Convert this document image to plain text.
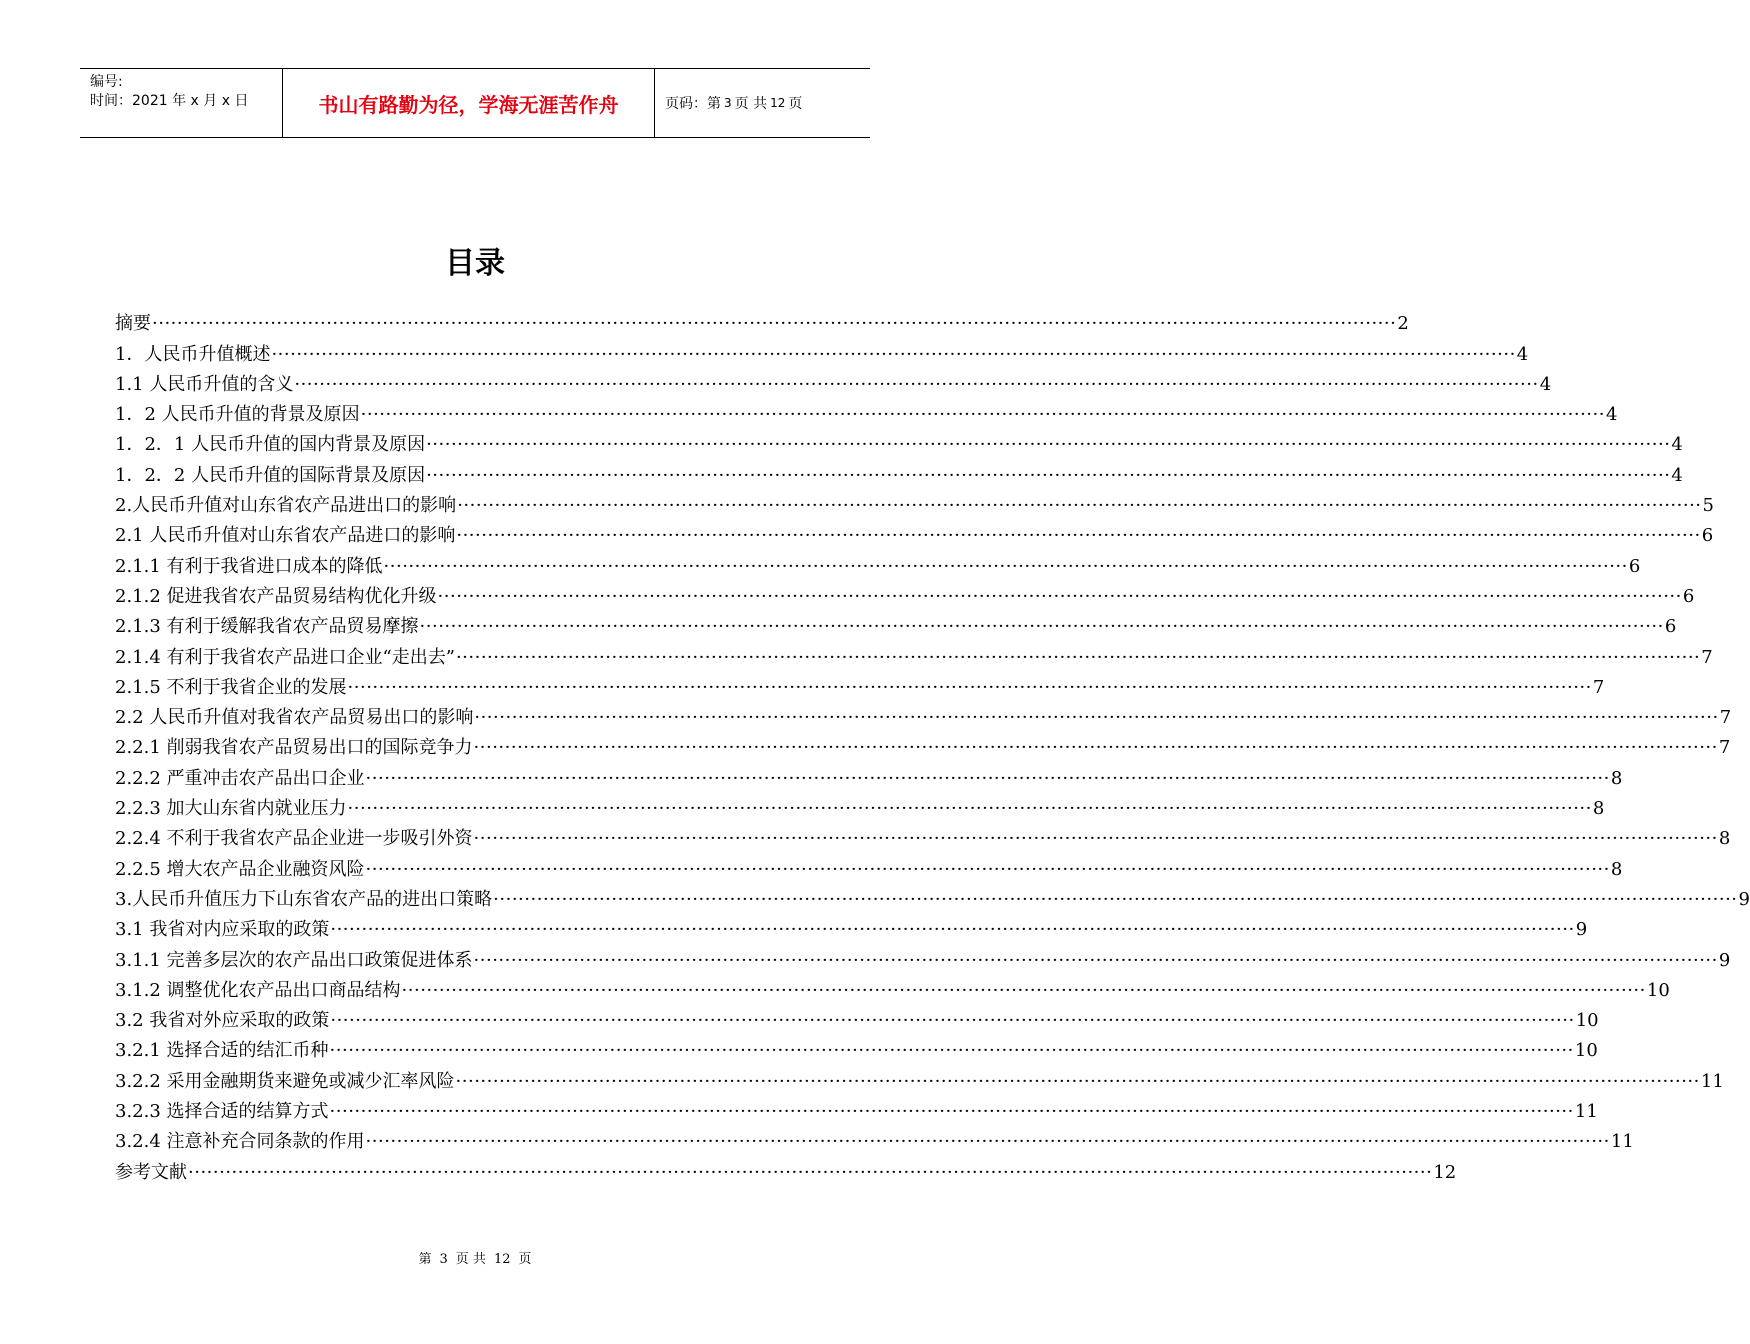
编号:
时间：2021 年 x 月 x 日	书山有路勤为径，学海无涯苦作舟	页码：第 3 页 共 12 页
目录
摘要 ········································································································································································································ 2
1．人民币升值概述 ········································································································································································································ 4
1.1 人民币升值的含义 ········································································································································································································ 4
1．2 人民币升值的背景及原因 ········································································································································································································ 4
1．2．1 人民币升值的国内背景及原因 ········································································································································································································ 4
1．2．2 人民币升值的国际背景及原因 ········································································································································································································ 4
2.人民币升值对山东省农产品进出口的影响 ········································································································································································································ 5
2.1 人民币升值对山东省农产品进口的影响 ········································································································································································································ 6
2.1.1 有利于我省进口成本的降低 ········································································································································································································ 6
2.1.2 促进我省农产品贸易结构优化升级 ········································································································································································································ 6
2.1.3 有利于缓解我省农产品贸易摩擦 ········································································································································································································ 6
2.1.4 有利于我省农产品进口企业“走出去” ········································································································································································································ 7
2.1.5 不利于我省企业的发展 ········································································································································································································ 7
2.2 人民币升值对我省农产品贸易出口的影响 ········································································································································································································ 7
2.2.1 削弱我省农产品贸易出口的国际竞争力 ········································································································································································································ 7
2.2.2 严重冲击农产品出口企业 ········································································································································································································ 8
2.2.3 加大山东省内就业压力 ········································································································································································································ 8
2.2.4 不利于我省农产品企业进一步吸引外资 ········································································································································································································ 8
2.2.5 增大农产品企业融资风险 ········································································································································································································ 8
3.人民币升值压力下山东省农产品的进出口策略 ········································································································································································································ 9
3.1 我省对内应采取的政策 ········································································································································································································ 9
3.1.1 完善多层次的农产品出口政策促进体系 ········································································································································································································ 9
3.1.2 调整优化农产品出口商品结构 ········································································································································································································ 10
3.2 我省对外应采取的政策 ········································································································································································································ 10
3.2.1 选择合适的结汇币种 ········································································································································································································ 10
3.2.2 采用金融期货来避免或减少汇率风险 ········································································································································································································ 11
3.2.3 选择合适的结算方式 ········································································································································································································ 11
3.2.4 注意补充合同条款的作用 ········································································································································································································ 11
参考文献 ········································································································································································································ 12
第 3 页 共 12 页
